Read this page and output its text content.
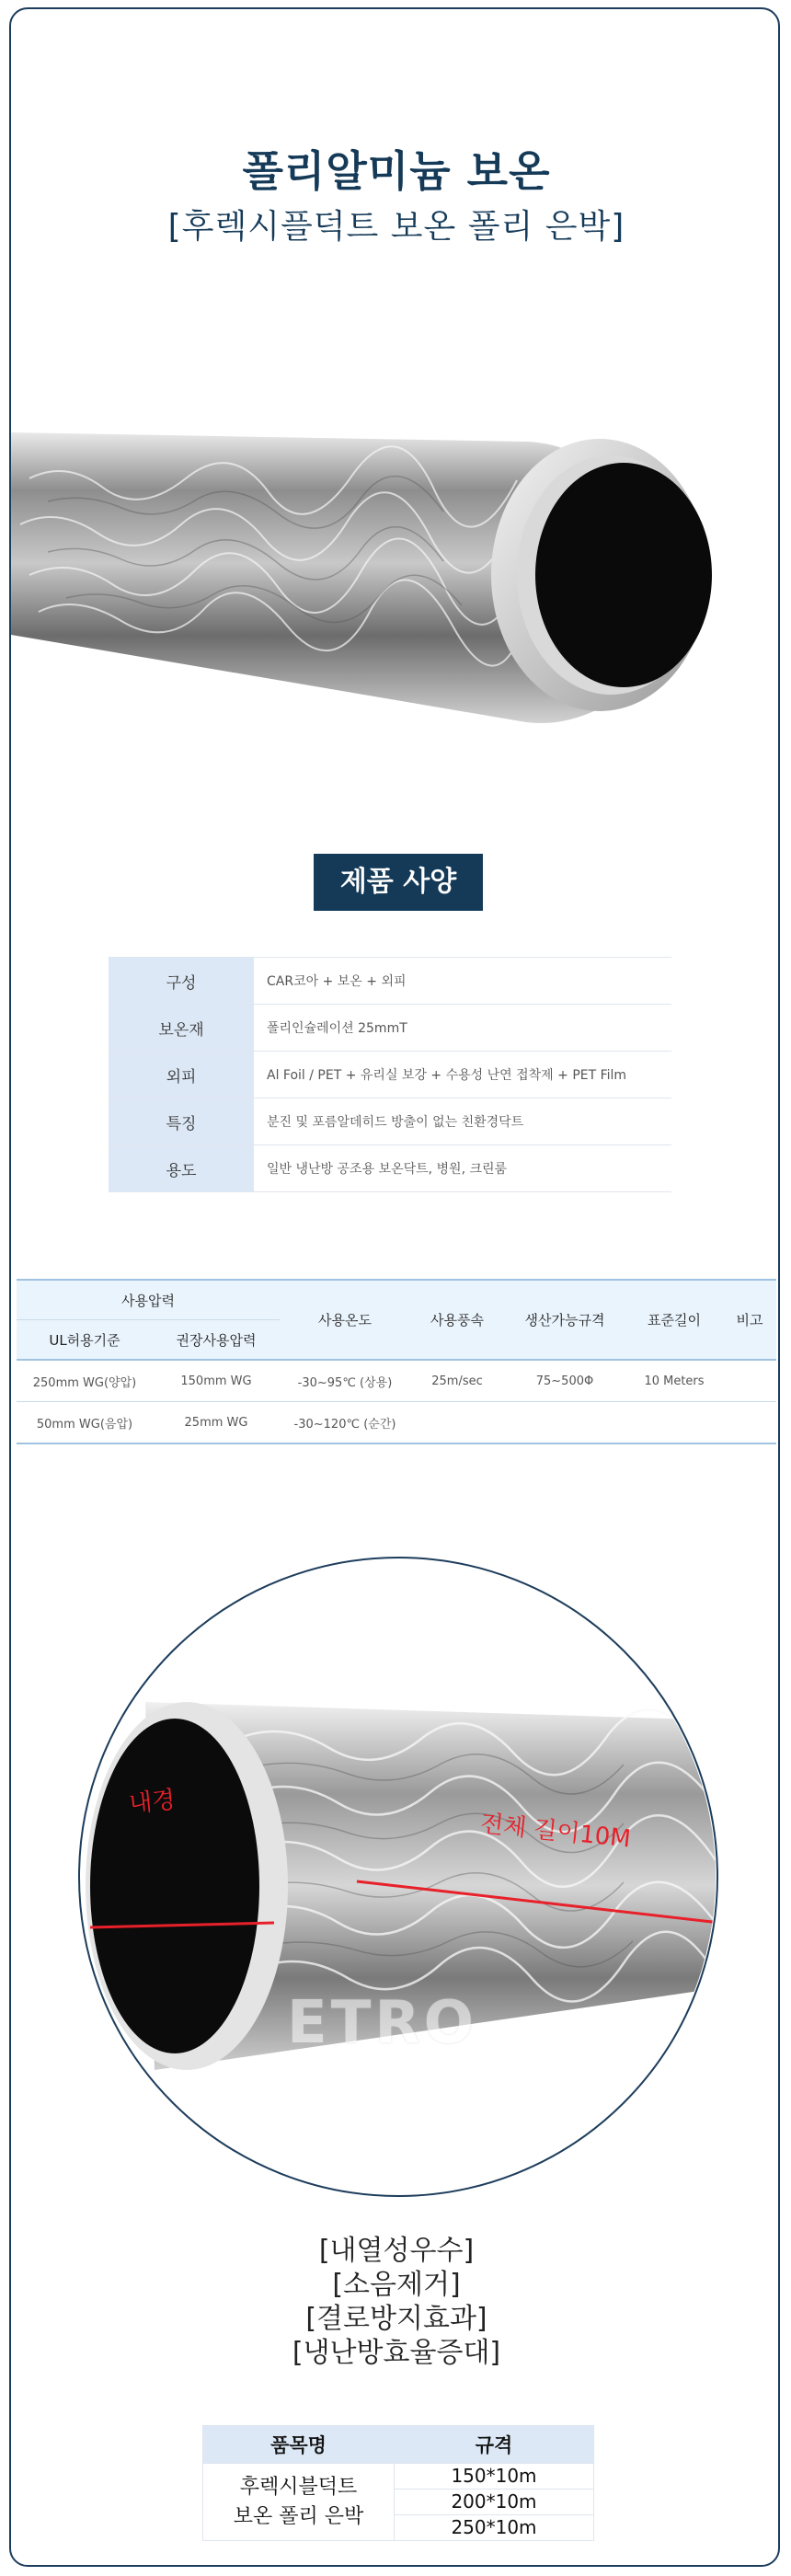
폴리알미늄 보온
[후렉시플덕트 보온 폴리 은박]
제품 사양
구성	CAR코아 + 보온 + 외피
보온재	폴리인슐레이션 25mmT
외피	Al Foil / PET + 유리실 보강 + 수용성 난연 접착제 + PET Film
특징	분진 및 포름알데히드 방출이 없는 친환경닥트
용도	일반 냉난방 공조용 보온닥트, 병원, 크린룸
사용압력		사용온도	사용풍속	생산가능규격	표준길이	비고
UL허용기준	권장사용압력					
250mm WG(양압)	150mm WG	-30~95℃ (상용)	25m/sec	75~500Φ	10 Meters	
50mm WG(음압)	25mm WG	-30~120℃ (순간)				
내경
전체 길이10M
ETRO
[내열성우수]
[소음제거]
[결로방지효과]
[냉난방효율증대]
품목명	규격

후렉시블덕트
보온 폴리 은박	150*10m
	200*10m
	250*10m
